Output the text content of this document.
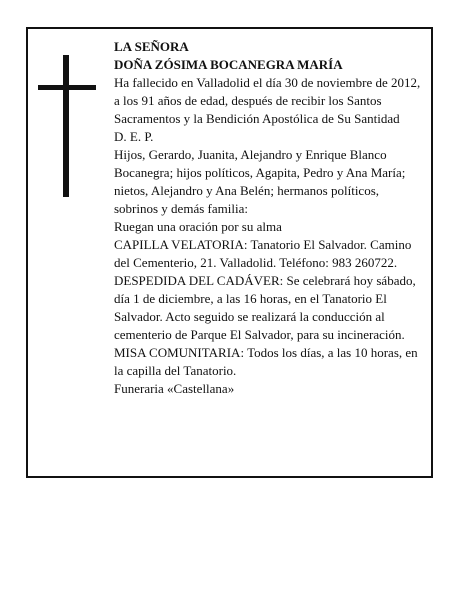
LA SEÑORA

DOÑA ZÓSIMA BOCANEGRA MARÍA

Ha fallecido en Valladolid el día 30 de noviembre de 2012, a los 91 años de edad, después de recibir los Santos Sacramentos y la Bendición Apostólica de Su Santidad

D. E. P.

Hijos, Gerardo, Juanita, Alejandro y Enrique Blanco Bocanegra; hijos políticos, Agapita, Pedro y Ana María; nietos, Alejandro y Ana Belén; hermanos políticos, sobrinos y demás familia:

Ruegan una oración por su alma

CAPILLA VELATORIA: Tanatorio El Salvador. Camino del Cementerio, 21. Valladolid. Teléfono: 983 260722.

DESPEDIDA DEL CADÁVER: Se celebrará hoy sábado, día 1 de diciembre, a las 16 horas, en el Tanatorio El Salvador. Acto seguido se realizará la conducción al cementerio de Parque El Salvador, para su incineración.

MISA COMUNITARIA: Todos los días, a las 10 horas, en la capilla del Tanatorio.

Funeraria «Castellana»
